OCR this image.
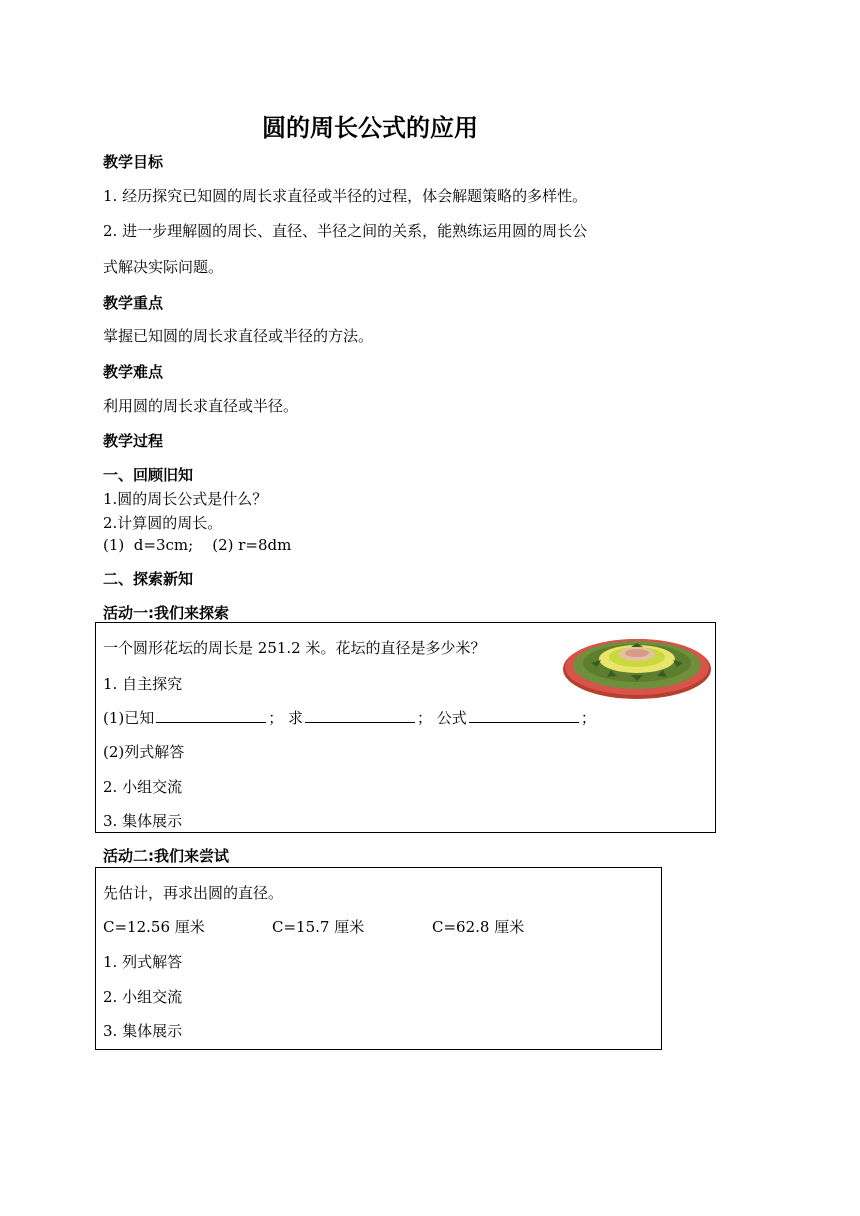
圆的周长公式的应用
教学目标
1. 经历探究已知圆的周长求直径或半径的过程，体会解题策略的多样性。
2. 进一步理解圆的周长、直径、半径之间的关系，能熟练运用圆的周长公
式解决实际问题。
教学重点
掌握已知圆的周长求直径或半径的方法。
教学难点
利用圆的周长求直径或半径。
教学过程
一、回顾旧知
1.圆的周长公式是什么？
2.计算圆的周长。
(1)  d=3cm;    (2) r=8dm
二、探索新知
活动一:我们来探索
一个圆形花坛的周长是 251.2 米。花坛的直径是多少米？
1. 自主探究
(1)已知	； 求	； 公式	；
(2)列式解答
2. 小组交流
3. 集体展示
活动二:我们来尝试
先估计，再求出圆的直径。
C=12.56 厘米	C=15.7 厘米	C=62.8 厘米
1. 列式解答
2. 小组交流
3. 集体展示
